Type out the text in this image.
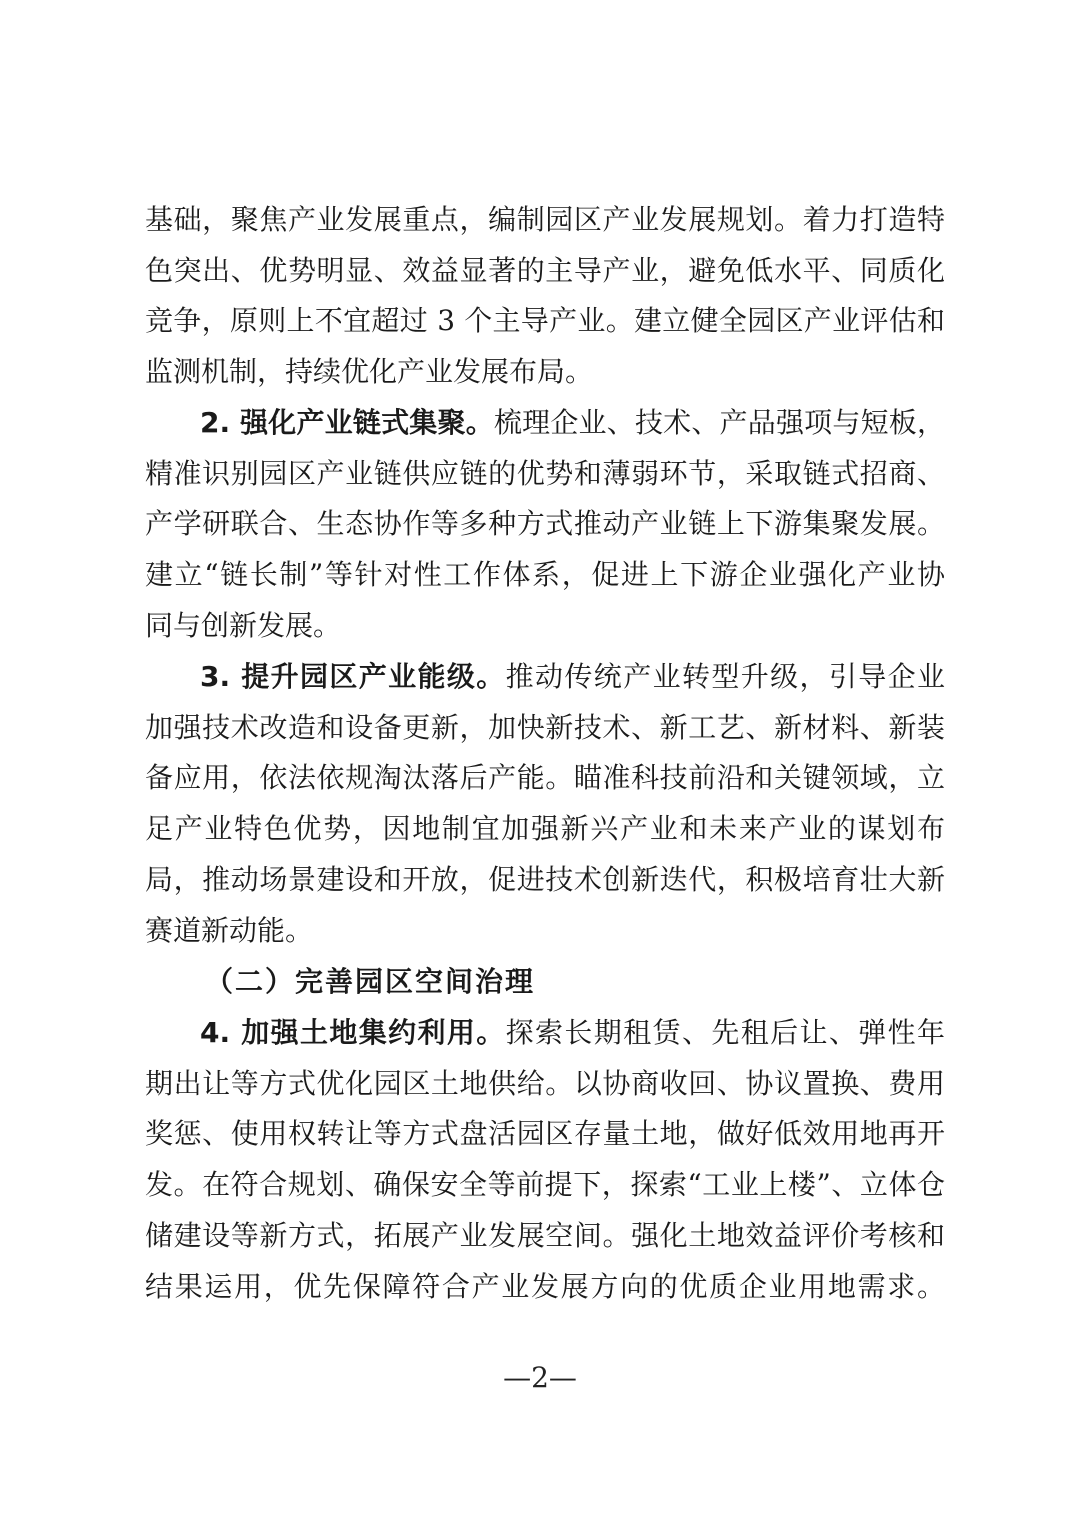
基础，聚焦产业发展重点，编制园区产业发展规划。着力打造特
色突出、优势明显、效益显著的主导产业，避免低水平、同质化
竞争，原则上不宜超过 3 个主导产业。建立健全园区产业评估和
监测机制，持续优化产业发展布局。
2. 强化产业链式集聚。梳理企业、技术、产品强项与短板，
精准识别园区产业链供应链的优势和薄弱环节，采取链式招商、
产学研联合、生态协作等多种方式推动产业链上下游集聚发展。
建立“链长制”等针对性工作体系，促进上下游企业强化产业协
同与创新发展。
3. 提升园区产业能级。推动传统产业转型升级，引导企业
加强技术改造和设备更新，加快新技术、新工艺、新材料、新装
备应用，依法依规淘汰落后产能。瞄准科技前沿和关键领域，立
足产业特色优势，因地制宜加强新兴产业和未来产业的谋划布
局，推动场景建设和开放，促进技术创新迭代，积极培育壮大新
赛道新动能。
（二）完善园区空间治理
4. 加强土地集约利用。探索长期租赁、先租后让、弹性年
期出让等方式优化园区土地供给。以协商收回、协议置换、费用
奖惩、使用权转让等方式盘活园区存量土地，做好低效用地再开
发。在符合规划、确保安全等前提下，探索“工业上楼”、立体仓
储建设等新方式，拓展产业发展空间。强化土地效益评价考核和
结果运用，优先保障符合产业发展方向的优质企业用地需求。
—2—
